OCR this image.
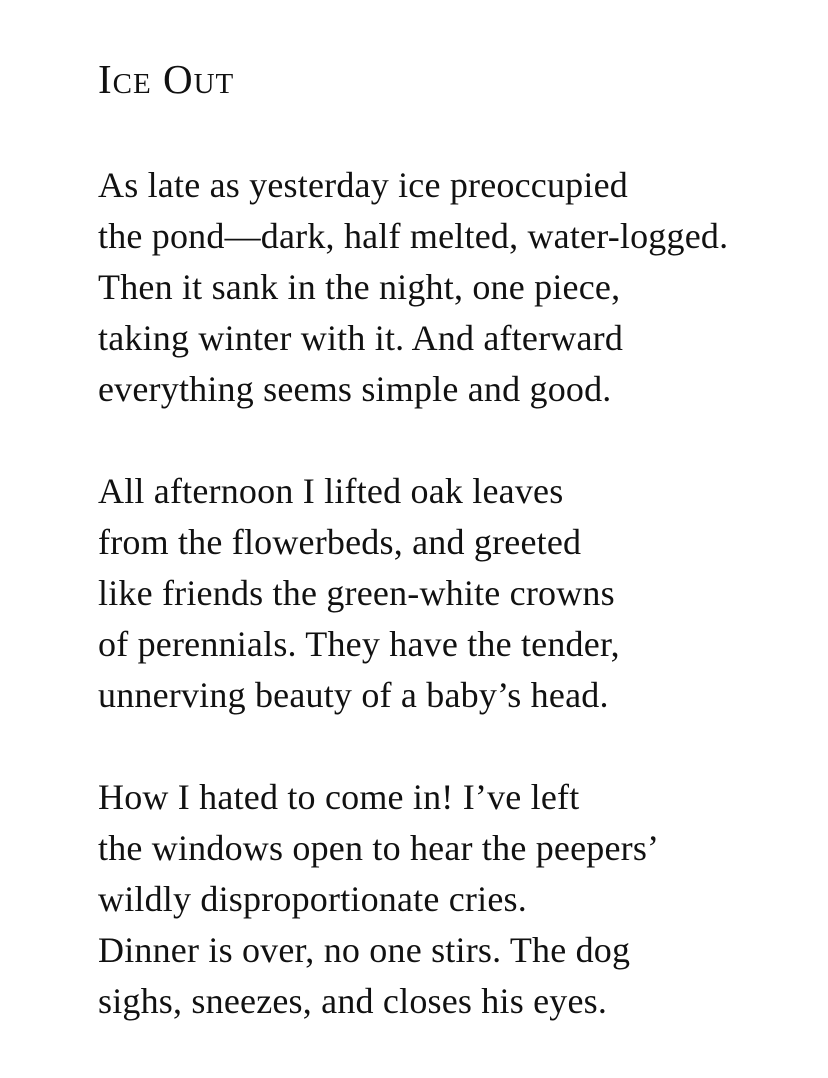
Ice Out
As late as yesterday ice preoccupied
the pond—dark, half melted, water-logged.
Then it sank in the night, one piece,
taking winter with it. And afterward
everything seems simple and good.
All afternoon I lifted oak leaves
from the flowerbeds, and greeted
like friends the green-white crowns
of perennials. They have the tender,
unnerving beauty of a baby’s head.
How I hated to come in! I’ve left
the windows open to hear the peepers’
wildly disproportionate cries.
Dinner is over, no one stirs. The dog
sighs, sneezes, and closes his eyes.
